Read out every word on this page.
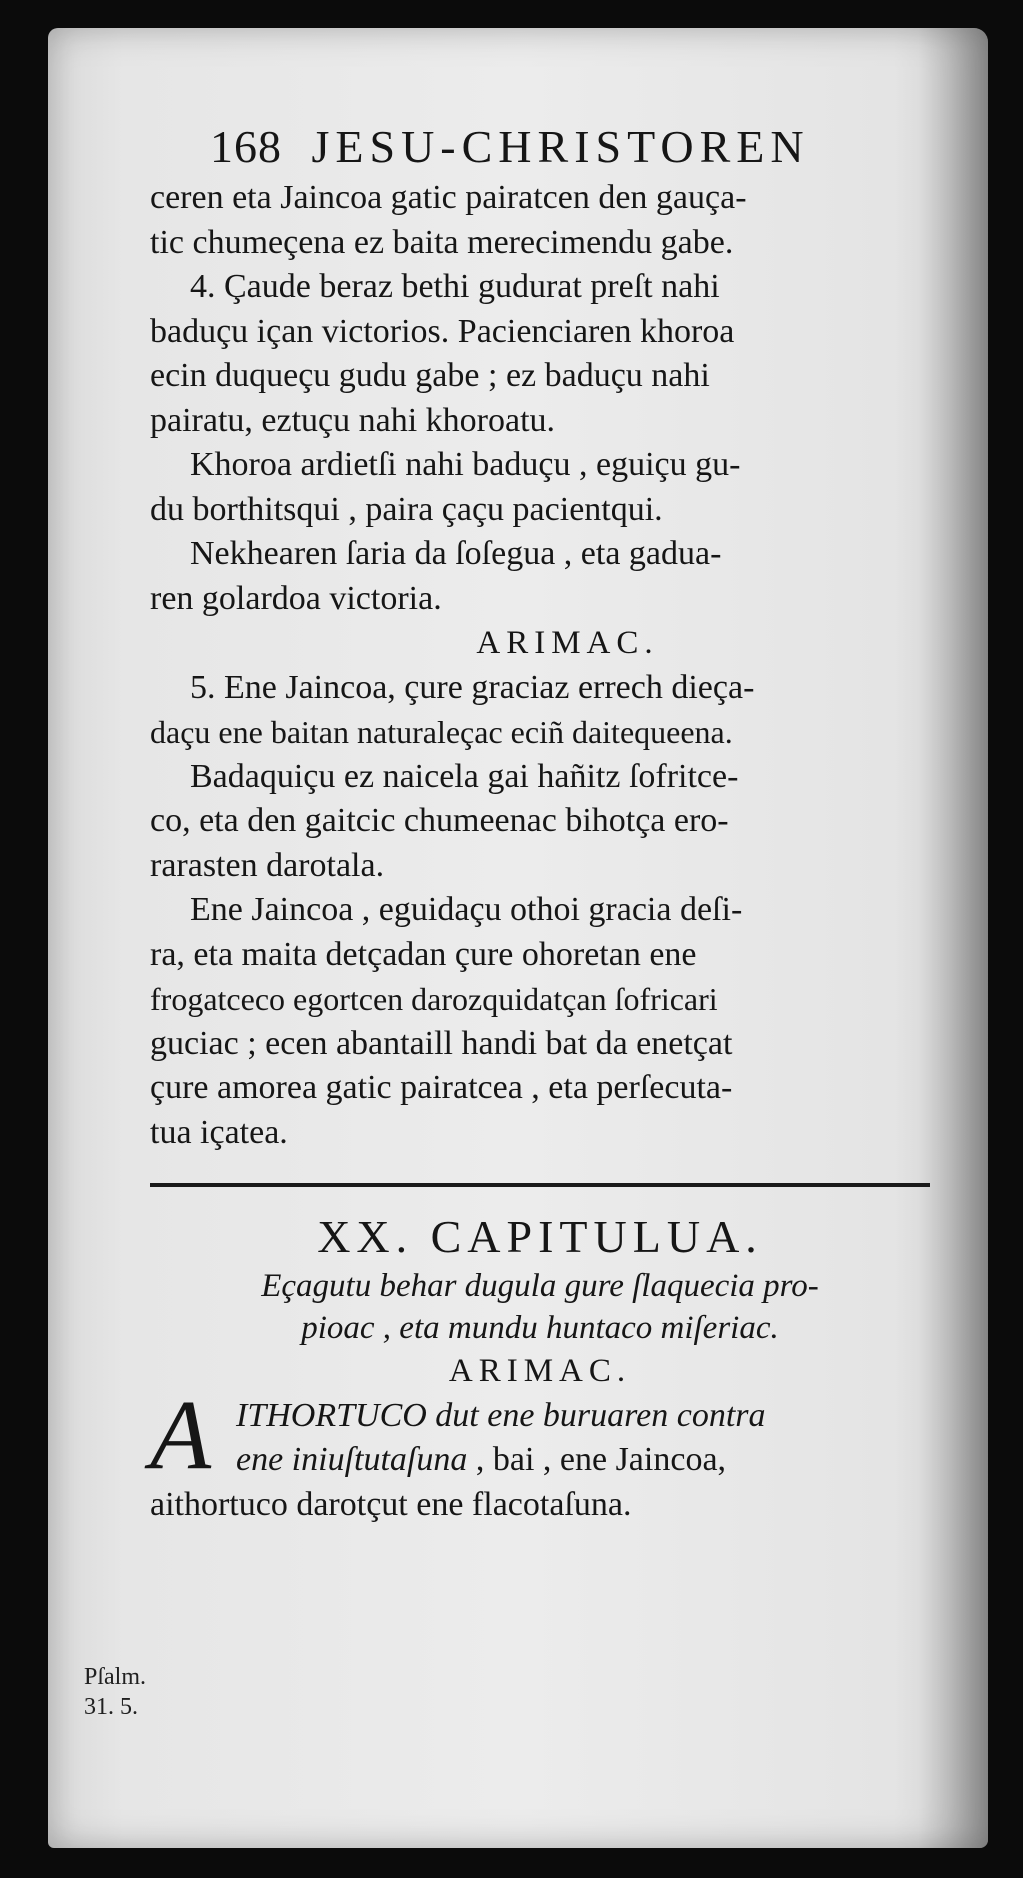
168 JESU-CHRISTOREN
ceren eta Jaincoa gatic pairatcen den gauça-
tic chumeçena ez baita merecimendu gabe.
4. Çaude beraz bethi gudurat preſt nahi
baduçu içan victorios. Pacienciaren khoroa
ecin duqueçu gudu gabe ; ez baduçu nahi
pairatu, eztuçu nahi khoroatu.
Khoroa ardietſi nahi baduçu , eguiçu gu-
du borthitsqui , paira çaçu pacientqui.
Nekhearen ſaria da ſoſegua , eta gadua-
ren golardoa victoria.
ARIMAC.
5. Ene Jaincoa, çure graciaz errech dieça-
daçu ene baitan naturaleçac eciñ daitequeena.
Badaquiçu ez naicela gai hañitz ſofritce-
co, eta den gaitcic chumeenac bihotça ero-
rarasten darotala.
Ene Jaincoa , eguidaçu othoi gracia deſi-
ra, eta maita detçadan çure ohoretan ene
frogatceco egortcen darozquidatçan ſofricari
guciac ; ecen abantaill handi bat da enetçat
çure amorea gatic pairatcea , eta perſecuta-
tua içatea.
XX. CAPITULUA.
Eçagutu behar dugula gure ſlaquecia pro-
pioac , eta mundu huntaco miſeriac.
ARIMAC.
A ITHORTUCO dut ene buruaren contra
ene iniuſtutaſuna , bai , ene Jaincoa,
aithortuco darotçut ene flacotaſuna.
Pſalm.
31. 5.
